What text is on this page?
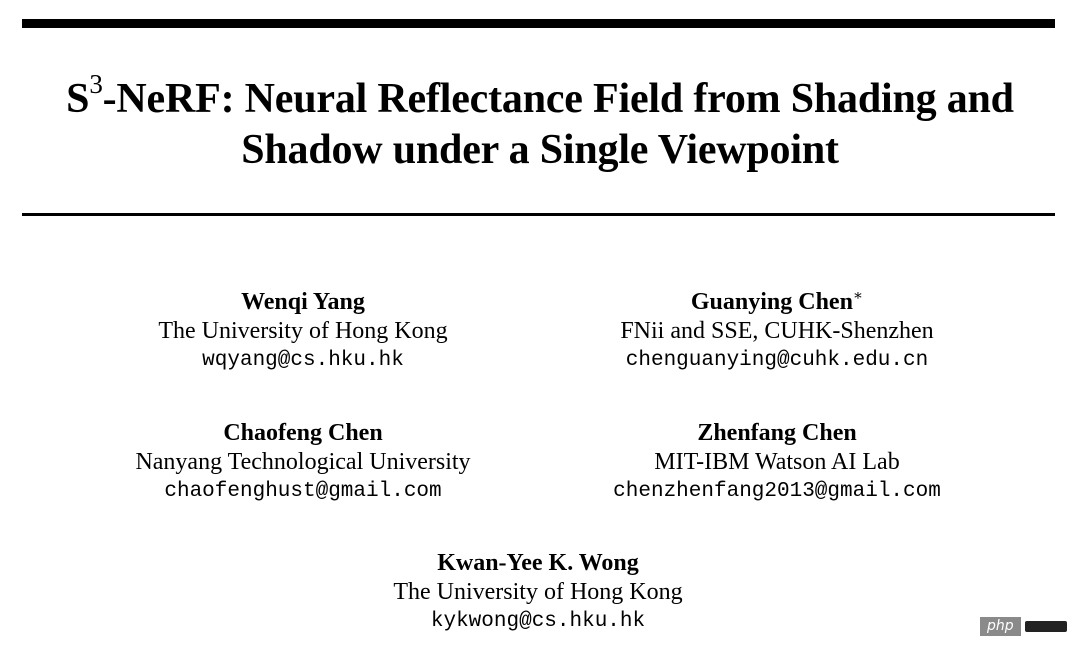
$S^3$-NeRF: Neural Reflectance Field from Shading and
Shadow under a Single Viewpoint
Wenqi Yang
The University of Hong Kong
wqyang@cs.hku.hk
Guanying Chen∗
FNii and SSE, CUHK-Shenzhen
chenguanying@cuhk.edu.cn
Chaofeng Chen
Nanyang Technological University
chaofenghust@gmail.com
Zhenfang Chen
MIT-IBM Watson AI Lab
chenzhenfang2013@gmail.com
Kwan-Yee K. Wong
The University of Hong Kong
kykwong@cs.hku.hk	php
